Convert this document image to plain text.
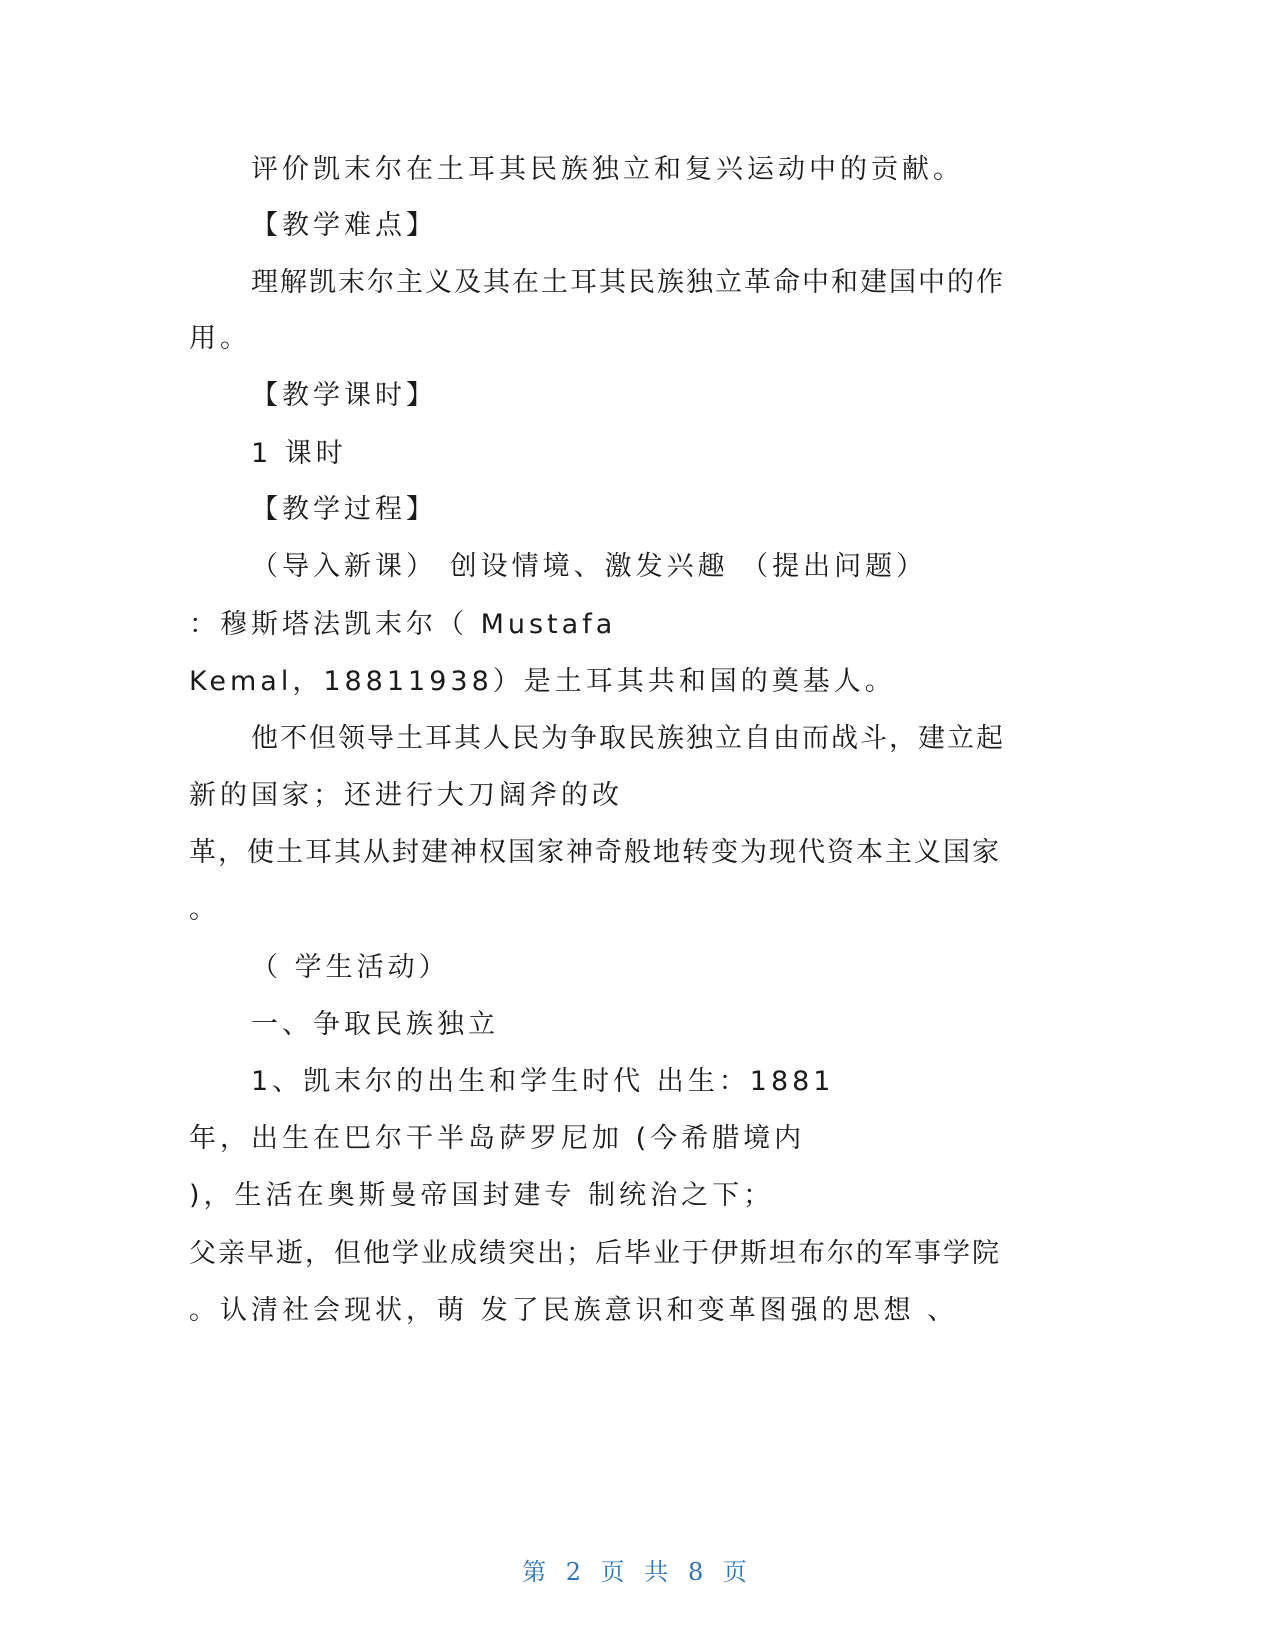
评价凯末尔在土耳其民族独立和复兴运动中的贡献。
【教学难点】
理解凯末尔主义及其在土耳其民族独立革命中和建国中的作
用。
【教学课时】
1 课时
【教学过程】
（导入新课） 创设情境、激发兴趣 （提出问题）
：穆斯塔法凯末尔（ Mustafa
Kemal，18811938）是土耳其共和国的奠基人。
他不但领导土耳其人民为争取民族独立自由而战斗，建立起
新的国家；还进行大刀阔斧的改
革，使土耳其从封建神权国家神奇般地转变为现代资本主义国家
。
（ 学生活动）
一、争取民族独立
1、凯末尔的出生和学生时代 出生：1881
年，出生在巴尔干半岛萨罗尼加 (今希腊境内
)，生活在奥斯曼帝国封建专 制统治之下；
父亲早逝，但他学业成绩突出；后毕业于伊斯坦布尔的军事学院
。认清社会现状，萌 发了民族意识和变革图强的思想 、
第 2 页 共 8 页
